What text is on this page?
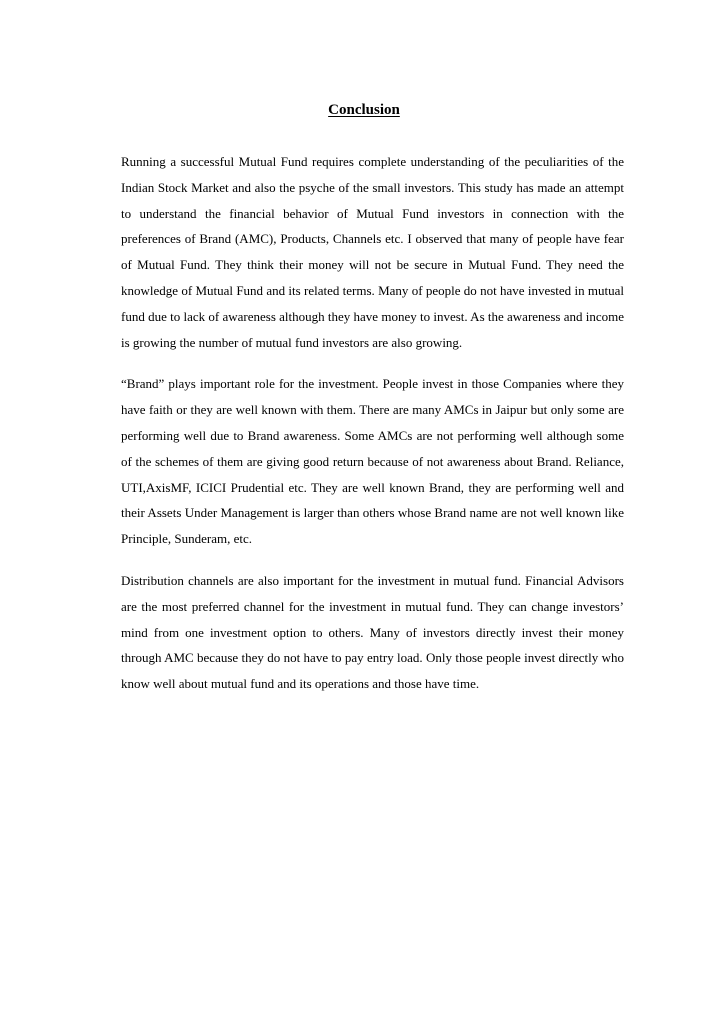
Conclusion

Running a successful Mutual Fund requires complete understanding of the peculiarities of the Indian Stock Market and also the psyche of the small investors. This study has made an attempt to understand the financial behavior of Mutual Fund investors in connection with the preferences of Brand (AMC), Products, Channels etc. I observed that many of people have fear of Mutual Fund. They think their money will not be secure in Mutual Fund. They need the knowledge of Mutual Fund and its related terms. Many of people do not have invested in mutual fund due to lack of awareness although they have money to invest. As the awareness and income is growing the number of mutual fund investors are also growing.

“Brand” plays important role for the investment. People invest in those Companies where they have faith or they are well known with them. There are many AMCs in Jaipur but only some are performing well due to Brand awareness. Some AMCs are not performing well although some of the schemes of them are giving good return because of not awareness about Brand. Reliance, UTI,AxisMF, ICICI Prudential etc. They are well known Brand, they are performing well and their Assets Under Management is larger than others whose Brand name are not well known like Principle, Sunderam, etc.

Distribution channels are also important for the investment in mutual fund. Financial Advisors are the most preferred channel for the investment in mutual fund. They can change investors’ mind from one investment option to others. Many of investors directly invest their money through AMC because they do not have to pay entry load. Only those people invest directly who know well about mutual fund and its operations and those have time.
